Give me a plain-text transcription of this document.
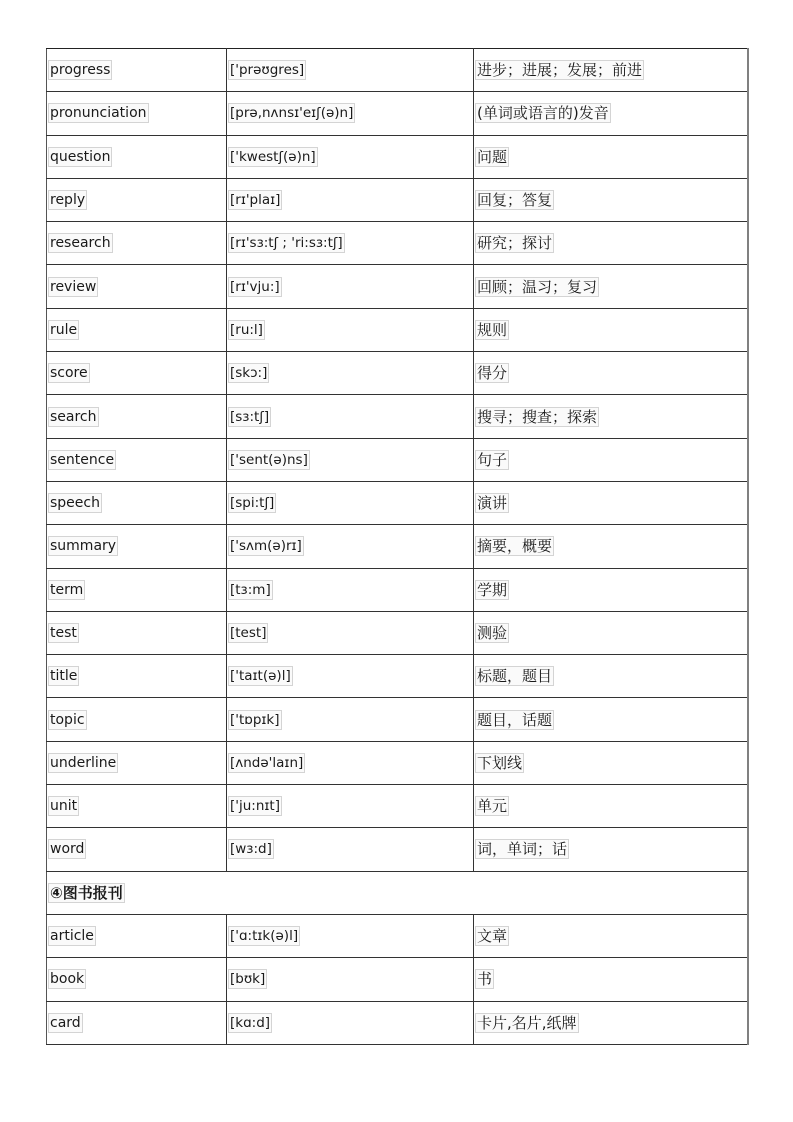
progress	['prəʊgres]	进步；进展；发展；前进
pronunciation	[prə,nʌnsɪ'eɪʃ(ə)n]	(单词或语言的)发音
question	['kwestʃ(ə)n]	问题
reply	[rɪ'plaɪ]	回复；答复
research	[rɪ'sɜ:tʃ ; 'ri:sɜ:tʃ]	研究；探讨
review	[rɪ'vju:]	回顾；温习；复习
rule	[ru:l]	规则
score	[skɔ:]	得分
search	[sɜ:tʃ]	搜寻；搜查；探索
sentence	['sent(ə)ns]	句子
speech	[spi:tʃ]	演讲
summary	['sʌm(ə)rɪ]	摘要，概要
term	[tɜ:m]	学期
test	[test]	测验
title	['taɪt(ə)l]	标题，题目
topic	['tɒpɪk]	题目，话题
underline	[ʌndə'laɪn]	下划线
unit	['ju:nɪt]	单元
word	[wɜ:d]	词，单词；话
④图书报刊		
article	['ɑ:tɪk(ə)l]	文章
book	[bʊk]	书
card	[kɑ:d]	卡片,名片,纸牌
